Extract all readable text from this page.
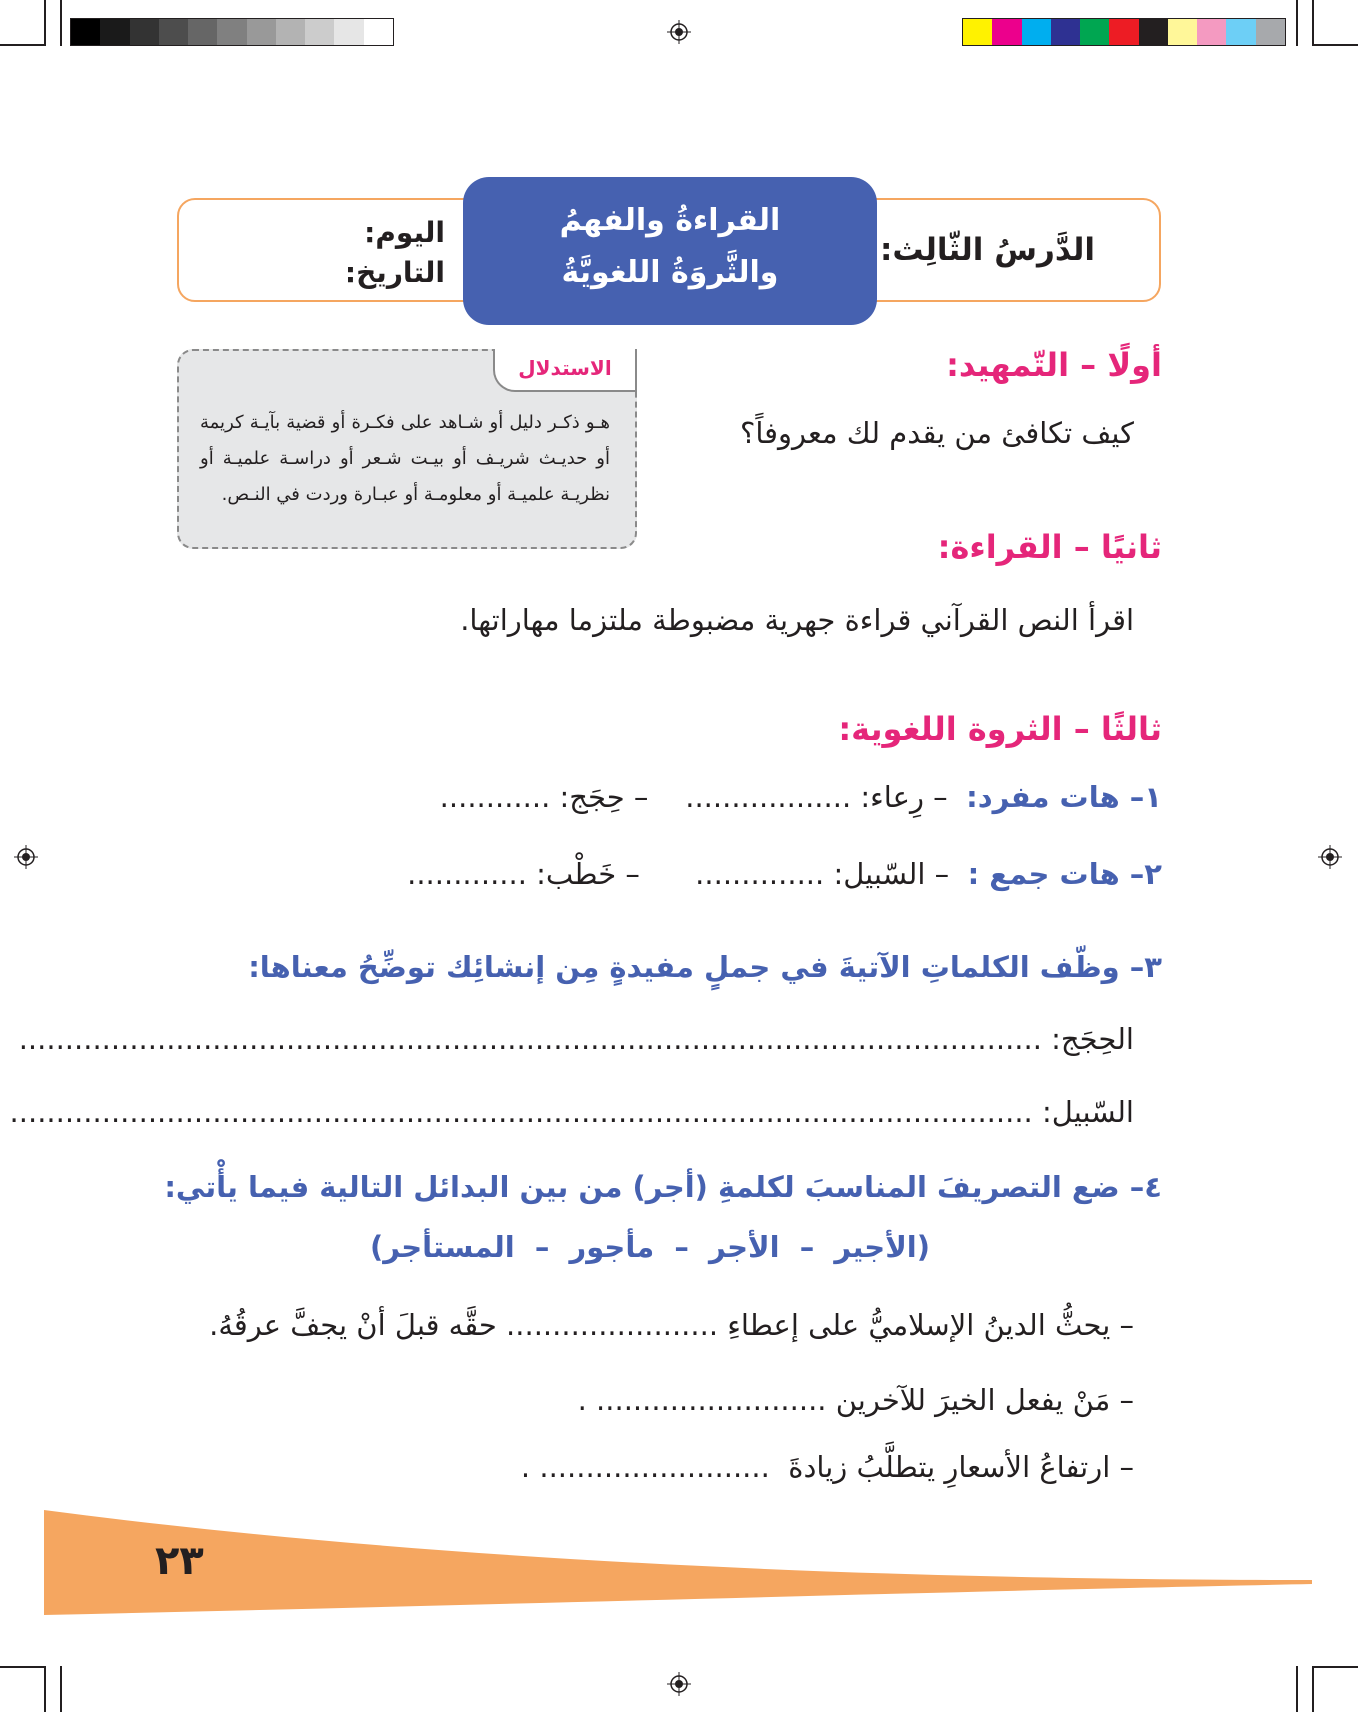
الدَّرسُ الثّالِث:
اليوم:
التاريخ:
القراءةُ والفهمُ
والثَّروَةُ اللغويَّةُ
الاستدلال
هـو ذكـر دليل أو شـاهد على فكـرة أو قضية بآيـة كريمة أو حديـث شريـف أو بيـت شـعر أو دراسـة علميـة أو نظريـة علميـة أو معلومـة أو عبـارة وردت في النـص.
أولًا – التّمهيد:
كيف تكافئ من يقدم لك معروفاً؟
ثانيًا – القراءة:
اقرأ النص القرآني قراءة جهرية مضبوطة ملتزما مهاراتها.
ثالثًا – الثروة اللغوية:
١– هات مفرد:  – رِعاء: ..................    – حِجَج: ............
٢– هات جمع :  – السّبيل: ..............      – خَطْب: .............
٣– وظّف الكلماتِ الآتيةَ في جملٍ مفيدةٍ مِن إنشائِك توضِّحُ معناها:
الحِجَج: ...............................................................................................................
السّبيل: ...............................................................................................................
٤– ضع التصريفَ المناسبَ لكلمةِ (أجر) من بين البدائل التالية فيما يأْتي:
(الأجير  –  الأجر  –  مأجور  –  المستأجر)
– يحثُّ الدينُ الإسلاميُّ على إعطاءِ ....................... حقَّه قبلَ أنْ يجفَّ عرقُهُ.
– مَنْ يفعل الخيرَ للآخرين ......................... .
– ارتفاعُ الأسعارِ يتطلَّبُ زيادةَ  ......................... .
٢٣
